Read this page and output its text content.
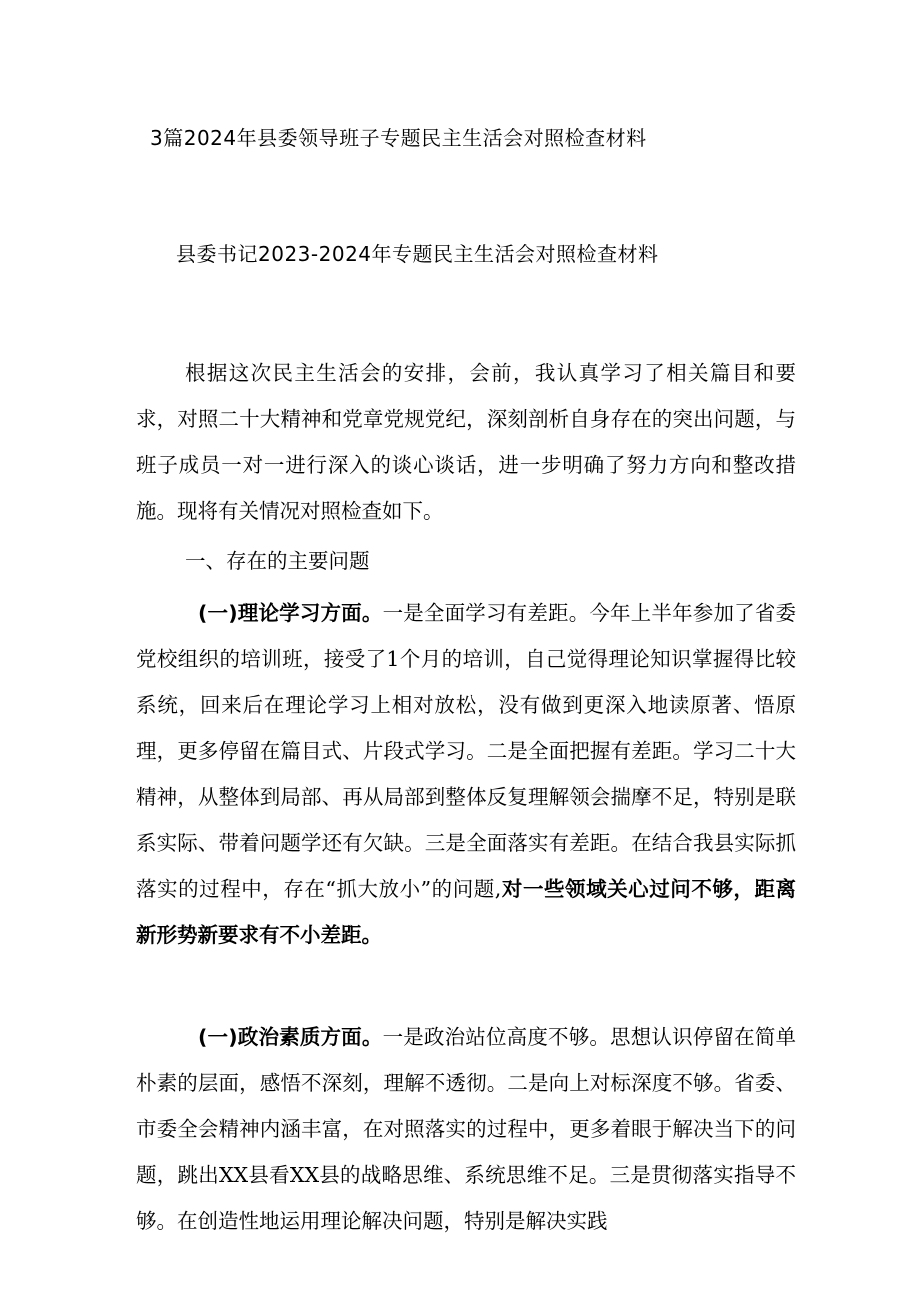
3篇2024年县委领导班子专题民主生活会对照检查材料
县委书记2023-2024年专题民主生活会对照检查材料
根据这次民主生活会的安排，会前，我认真学习了相关篇目和要求，对照二十大精神和党章党规党纪，深刻剖析自身存在的突出问题，与班子成员一对一进行深入的谈心谈话，进一步明确了努力方向和整改措施。现将有关情况对照检查如下。
一、存在的主要问题
(一)理论学习方面。一是全面学习有差距。今年上半年参加了省委党校组织的培训班，接受了1个月的培训，自己觉得理论知识掌握得比较系统，回来后在理论学习上相对放松，没有做到更深入地读原著、悟原理，更多停留在篇目式、片段式学习。二是全面把握有差距。学习二十大精神，从整体到局部、再从局部到整体反复理解领会揣摩不足，特别是联系实际、带着问题学还有欠缺。三是全面落实有差距。在结合我县实际抓落实的过程中，存在“抓大放小”的问题,对一些领域关心过问不够，距离新形势新要求有不小差距。
(一)政治素质方面。一是政治站位高度不够。思想认识停留在简单朴素的层面，感悟不深刻，理解不透彻。二是向上对标深度不够。省委、市委全会精神内涵丰富，在对照落实的过程中，更多着眼于解决当下的问题，跳出XX县看XX县的战略思维、系统思维不足。三是贯彻落实指导不够。在创造性地运用理论解决问题，特别是解决实践
